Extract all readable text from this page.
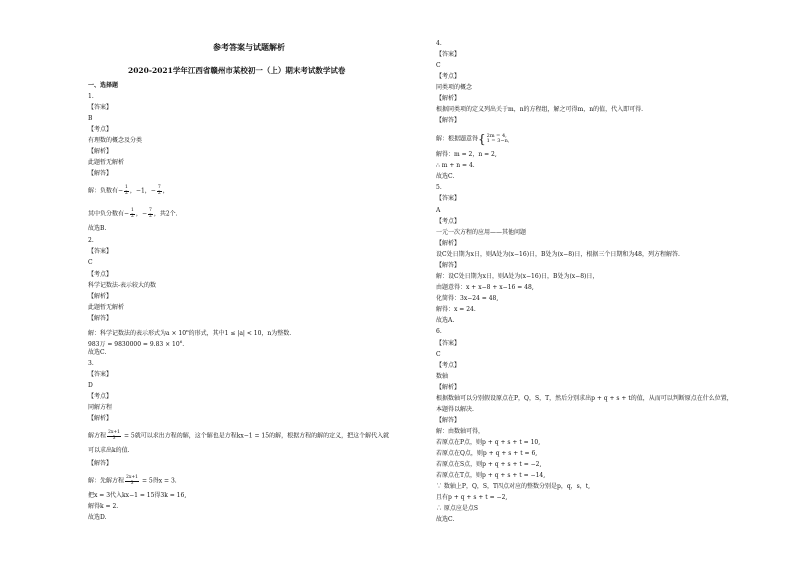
参考答案与试题解析
2020-2021学年江西省赣州市某校初一（上）期末考试数学试卷
一、选择题
1.
【答案】
B
【考点】
有理数的概念及分类
【解析】
此题暂无解析
【解答】
解：负数有− $\frac{1}{2}$ ，−1，− $\frac{7}{2}$ ，
其中负分数有− $\frac{1}{2}$ ，− $\frac{7}{2}$ ，共2个.
故选B.
2.
【答案】
C
【考点】
科学记数法-表示较大的数
【解析】
此题暂无解析
【解答】
解：科学记数法的表示形式为$a \times 10^n$的形式，其中1 ≤ |a| < 10，n为整数.
983万 = $9830000 = 9.83 \times 10^6$.
故选C.
3.
【答案】
D
【考点】
同解方程
【解析】
解方程 $\frac{2x+1}{3} = 5$就可以求出方程的解，这个解也是方程kx−1 = 15的解，根据方程的解的定义，把这个解代入就
可以求出k的值.
【解答】
解：先解方程 $\frac{2x+1}{3} = 5$得x = 3.
把x = 3代入kx−1 = 15得3k = 16,
解得k = 2.
故选D.
4.
【答案】
C
【考点】
同类项的概念
【解析】
根据同类项的定义列出关于m，n的方程组，解之可得m，n的值，代入即可得.
【解答】
解：根据题意得{ 2m = 4,
1 = 3−n,
解得：m = 2，n = 2,
∴ m + n = 4.
故选C.
5.
【答案】
A
【考点】
一元一次方程的应用——其他问题
【解析】
设C处日期为x日，则A处为(x−16)日，B处为(x−8)日，根据三个日期和为48，列方程解答.
【解答】
解：设C处日期为x日，则A处为(x−16)日，B处为(x−8)日，
由题意得：x + x−8 + x−16 = 48,
化简得：3x−24 = 48,
解得：x = 24.
故选A.
6.
【答案】
C
【考点】
数轴
【解析】
根据数轴可以分别假设原点在P，Q，S，T，然后分别求出p + q + s + t的值，从而可以判断原点在什么位置，
本题得以解决.
【解答】
解：由数轴可得，
若原点在P点，则p + q + s + t = 10,
若原点在Q点，则p + q + s + t = 6,
若原点在S点，则p + q + s + t = −2,
若原点在T点，则p + q + s + t = −14,
∵ 数轴上P，Q，S，T四点对应的整数分别是p，q，s，t,
且有p + q + s + t = −2,
∴ 原点应是点S
故选C.
